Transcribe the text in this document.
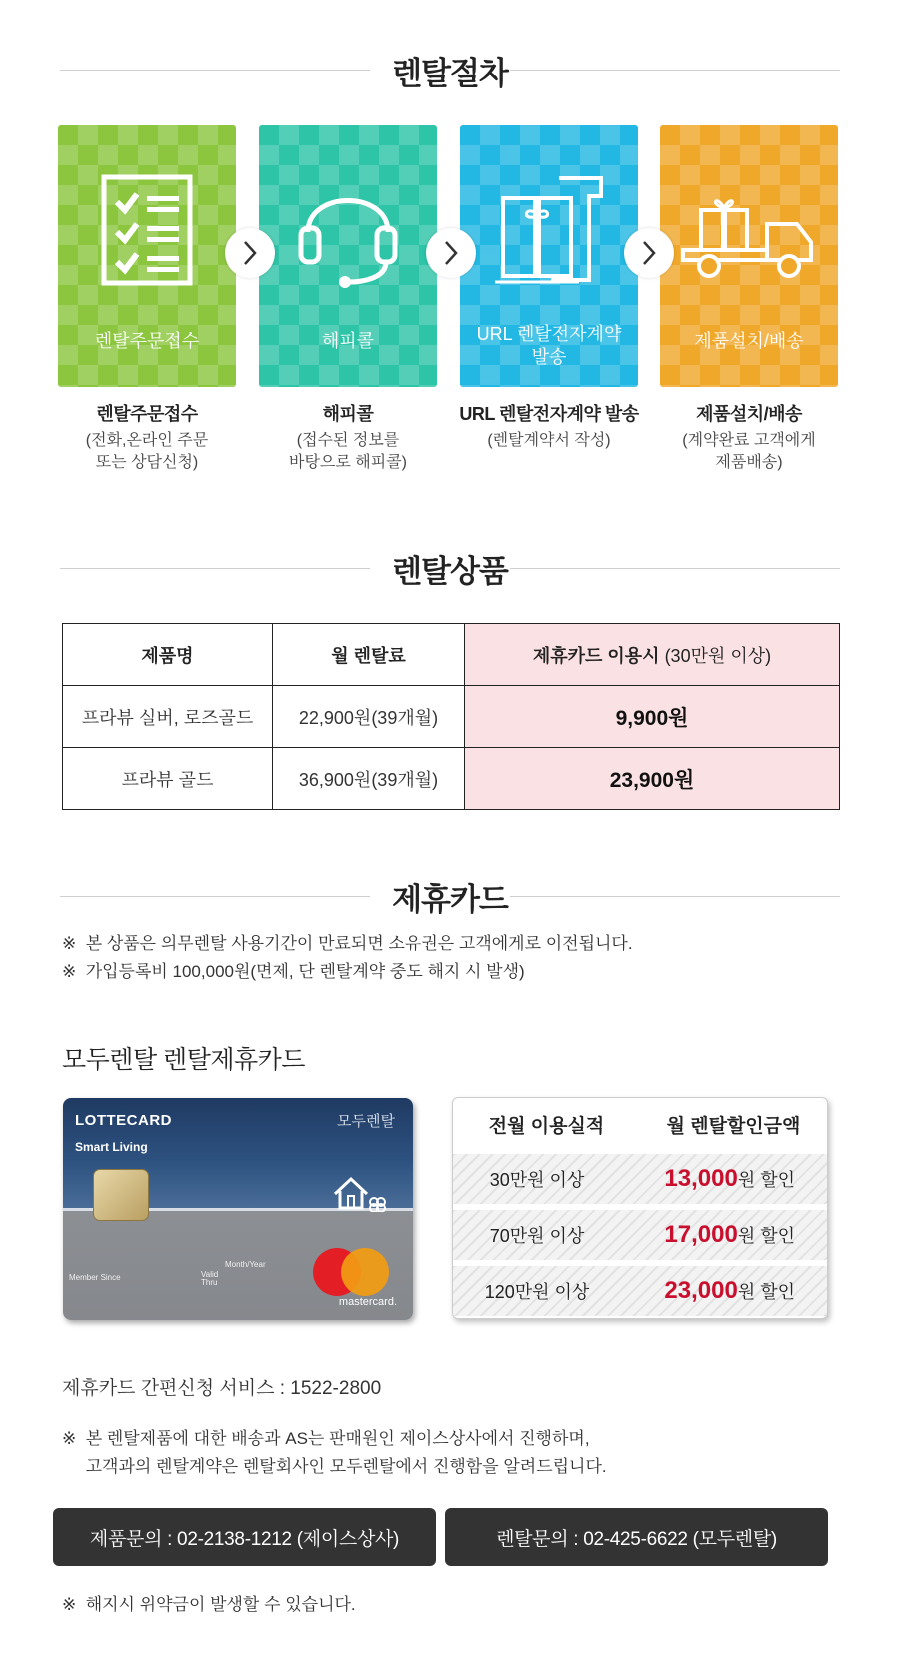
렌탈절차
렌탈주문접수	해피콜	URL 렌탈전자계약
발송
제품설치/배송
렌탈주문접수
(전화,온라인 주문
또는 상담신청)
해피콜
(접수된 정보를
바탕으로 해피콜)
URL 렌탈전자계약 발송
(렌탈계약서 작성)
제품설치/배송
(계약완료 고객에게
제품배송)
렌탈상품
제품명	월 렌탈료	제휴카드 이용시 (30만원 이상)
프라뷰 실버, 로즈골드	22,900원(39개월)	9,900원
프라뷰 골드	36,900원(39개월)	23,900원
제휴카드
※  본 상품은 의무렌탈 사용기간이 만료되면 소유권은 고객에게로 이전됩니다.
※  가입등록비 100,000원(면제, 단 렌탈계약 중도 해지 시 발생)
모두렌탈 렌탈제휴카드
LOTTECARD
Smart Living
모두렌탈
Member Since	Valid
Thru
Month/Year
mastercard.
전월 이용실적	월 렌탈할인금액
30만원 이상	13,000원 할인
70만원 이상	17,000원 할인
120만원 이상	23,000원 할인
제휴카드 간편신청 서비스 : 1522-2800
※  본 렌탈제품에 대한 배송과 AS는 판매원인 제이스상사에서 진행하며,
고객과의 렌탈계약은 렌탈회사인 모두렌탈에서 진행함을 알려드립니다.
제품문의 : 02-2138-1212 (제이스상사)	렌탈문의 : 02-425-6622 (모두렌탈)
※  해지시 위약금이 발생할 수 있습니다.
